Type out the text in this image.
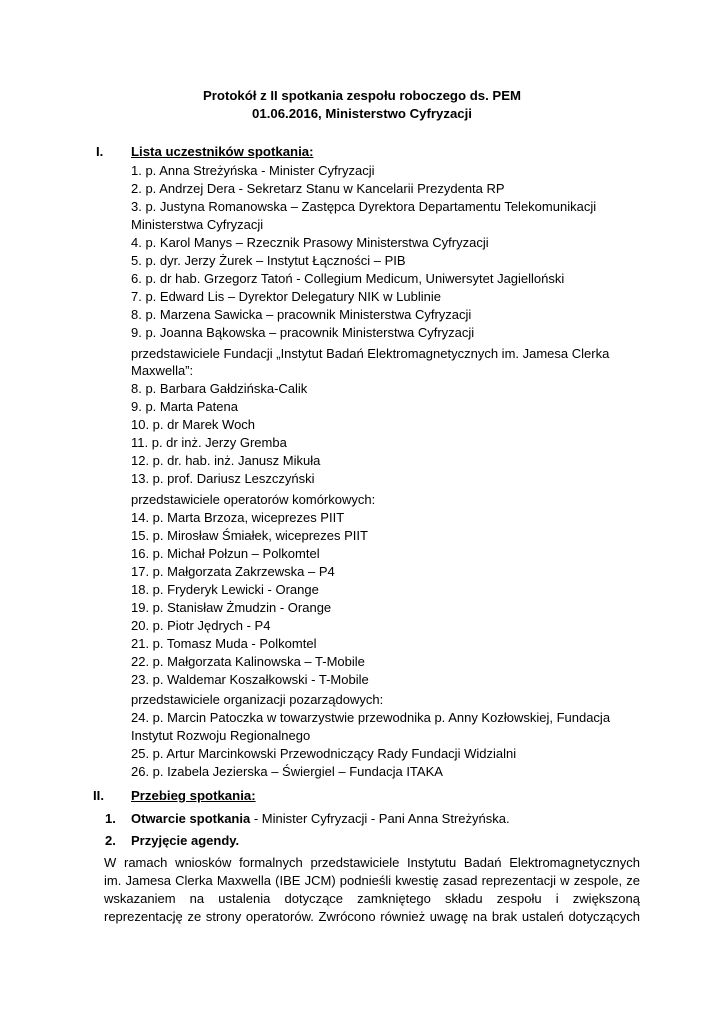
Protokół z II spotkania zespołu roboczego ds. PEM
01.06.2016, Ministerstwo Cyfryzacji
I. Lista uczestników spotkania:
1. p. Anna Streżyńska - Minister Cyfryzacji
2. p. Andrzej Dera - Sekretarz Stanu w Kancelarii Prezydenta RP
3. p. Justyna Romanowska – Zastępca Dyrektora Departamentu Telekomunikacji
Ministerstwa Cyfryzacji
4. p. Karol Manys – Rzecznik Prasowy Ministerstwa Cyfryzacji
5. p. dyr. Jerzy Żurek – Instytut Łączności – PIB
6. p. dr hab. Grzegorz Tatoń - Collegium Medicum, Uniwersytet Jagielloński
7. p. Edward Lis – Dyrektor Delegatury NIK w Lublinie
8. p. Marzena Sawicka – pracownik Ministerstwa Cyfryzacji
9. p. Joanna Bąkowska – pracownik Ministerstwa Cyfryzacji
przedstawiciele Fundacji „Instytut Badań Elektromagnetycznych im. Jamesa Clerka
Maxwella”:
8. p. Barbara Gałdzińska-Calik
9. p. Marta Patena
10. p. dr Marek Woch
11. p. dr inż. Jerzy Gremba
12. p. dr. hab. inż. Janusz Mikuła
13. p. prof. Dariusz Leszczyński
przedstawiciele operatorów komórkowych:
14. p. Marta Brzoza, wiceprezes PIIT
15. p. Mirosław Śmiałek, wiceprezes PIIT
16. p. Michał Połzun – Polkomtel
17. p. Małgorzata Zakrzewska – P4
18. p. Fryderyk Lewicki - Orange
19. p. Stanisław Żmudzin - Orange
20. p. Piotr Jędrych - P4
21. p. Tomasz Muda - Polkomtel
22. p. Małgorzata Kalinowska – T-Mobile
23. p. Waldemar Koszałkowski - T-Mobile
przedstawiciele organizacji pozarządowych:
24. p. Marcin Patoczka w towarzystwie przewodnika p. Anny Kozłowskiej, Fundacja
Instytut Rozwoju Regionalnego
25. p. Artur Marcinkowski Przewodniczący Rady Fundacji Widzialni
26. p. Izabela Jezierska – Świergiel – Fundacja ITAKA
II. Przebieg spotkania:
1. Otwarcie spotkania - Minister Cyfryzacji - Pani Anna Streżyńska.
2. Przyjęcie agendy.
W ramach wniosków formalnych przedstawiciele Instytutu Badań Elektromagnetycznych
im. Jamesa Clerka Maxwella (IBE JCM) podnieśli kwestię zasad reprezentacji w zespole, ze
wskazaniem na ustalenia dotyczące zamkniętego składu zespołu i zwiększoną
reprezentację ze strony operatorów. Zwrócono również uwagę na brak ustaleń dotyczących
